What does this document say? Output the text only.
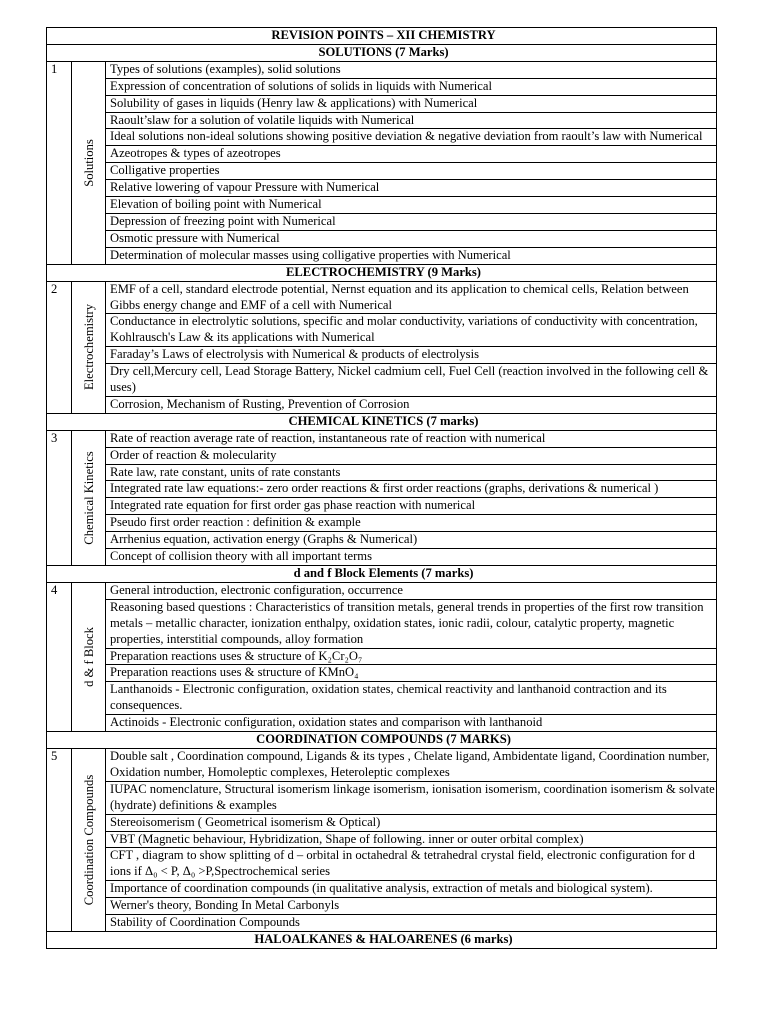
REVISION POINTS – XII CHEMISTRY		
SOLUTIONS (7 Marks)		
1	Solutions	Types of solutions (examples), solid solutions
		Expression of concentration of solutions of solids in liquids with Numerical
		Solubility of gases in liquids (Henry law & applications) with Numerical
		Raoult’slaw for a solution of volatile liquids with Numerical
		Ideal solutions non-ideal solutions showing positive deviation & negative deviation from raoult’s law with Numerical
		Azeotropes & types of azeotropes
		Colligative properties
		Relative lowering of vapour Pressure with Numerical
		Elevation of boiling point with Numerical
		Depression of freezing point with Numerical
		Osmotic pressure with Numerical
		Determination of molecular masses using colligative properties with Numerical
ELECTROCHEMISTRY (9 Marks)		
2	Electrochemistry	EMF of a cell, standard electrode potential, Nernst equation and its application to chemical cells, Relation between Gibbs energy change and EMF of a cell with Numerical
		Conductance in electrolytic solutions, specific and molar conductivity, variations of conductivity with concentration, Kohlrausch's Law & its applications with Numerical
		Faraday’s Laws of electrolysis with Numerical & products of electrolysis
		Dry cell,Mercury cell, Lead Storage Battery, Nickel cadmium cell, Fuel Cell (reaction involved in the following cell & uses)
		Corrosion, Mechanism of Rusting, Prevention of Corrosion
CHEMICAL KINETICS (7 marks)		
3	Chemical Kinetics	Rate of reaction average rate of reaction, instantaneous rate of reaction with numerical
		Order of reaction & molecularity
		Rate law, rate constant, units of rate constants
		Integrated rate law equations:- zero order reactions & first order reactions (graphs, derivations & numerical )
		Integrated rate equation for first order gas phase reaction with numerical
		Pseudo first order reaction : definition & example
		Arrhenius equation, activation energy (Graphs & Numerical)
		Concept of collision theory with all important terms
d and f Block Elements (7 marks)		
4	d & f Block	General introduction, electronic configuration, occurrence
		Reasoning based questions : Characteristics of transition metals, general trends in properties of the first row transition metals – metallic character, ionization enthalpy, oxidation states, ionic radii, colour, catalytic property, magnetic properties, interstitial compounds, alloy formation
		Preparation reactions uses & structure of K₂Cr₂O₇
		Preparation reactions uses & structure of KMnO₄
		Lanthanoids - Electronic configuration, oxidation states, chemical reactivity and lanthanoid contraction and its consequences.
		Actinoids - Electronic configuration, oxidation states and comparison with lanthanoid
COORDINATION COMPOUNDS (7 MARKS)		
5	Coordination Compounds	Double salt , Coordination compound, Ligands & its types , Chelate ligand, Ambidentate ligand, Coordination number, Oxidation number, Homoleptic complexes, Heteroleptic complexes
		IUPAC nomenclature, Structural isomerism linkage isomerism, ionisation isomerism, coordination isomerism & solvate (hydrate) definitions & examples
		Stereoisomerism ( Geometrical isomerism & Optical)
		VBT (Magnetic behaviour, Hybridization, Shape of following. inner or outer orbital complex)
		CFT , diagram to show splitting of d – orbital in octahedral & tetrahedral crystal field, electronic configuration for d ions if Δ₀ < P, Δ₀ >P,Spectrochemical series
		Importance of coordination compounds (in qualitative analysis, extraction of metals and biological system).
		Werner's theory, Bonding In Metal Carbonyls
		Stability of Coordination Compounds
HALOALKANES & HALOARENES (6 marks)		
